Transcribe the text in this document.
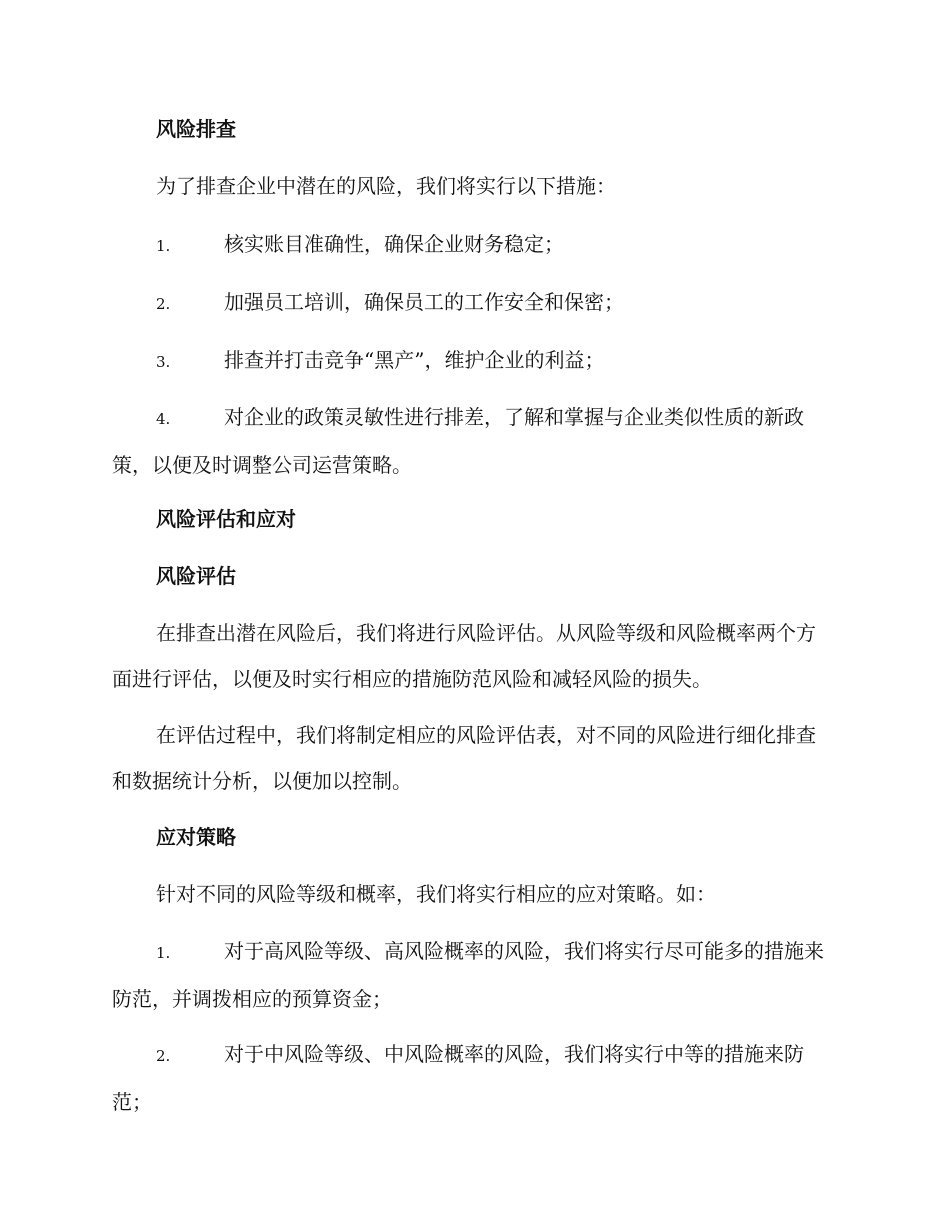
风险排查
为了排查企业中潜在的风险，我们将实行以下措施：
1.	核实账目准确性，确保企业财务稳定；
2.	加强员工培训，确保员工的工作安全和保密；
3.	排查并打击竞争“黑产”，维护企业的利益；
4.	对企业的政策灵敏性进行排差，了解和掌握与企业类似性质的新政策，以便及时调整公司运营策略。
风险评估和应对
风险评估
在排查出潜在风险后，我们将进行风险评估。从风险等级和风险概率两个方面进行评估，以便及时实行相应的措施防范风险和减轻风险的损失。
在评估过程中，我们将制定相应的风险评估表，对不同的风险进行细化排查和数据统计分析，以便加以控制。
应对策略
针对不同的风险等级和概率，我们将实行相应的应对策略。如：
1.	对于高风险等级、高风险概率的风险，我们将实行尽可能多的措施来防范，并调拨相应的预算资金；
2.	对于中风险等级、中风险概率的风险，我们将实行中等的措施来防范；
